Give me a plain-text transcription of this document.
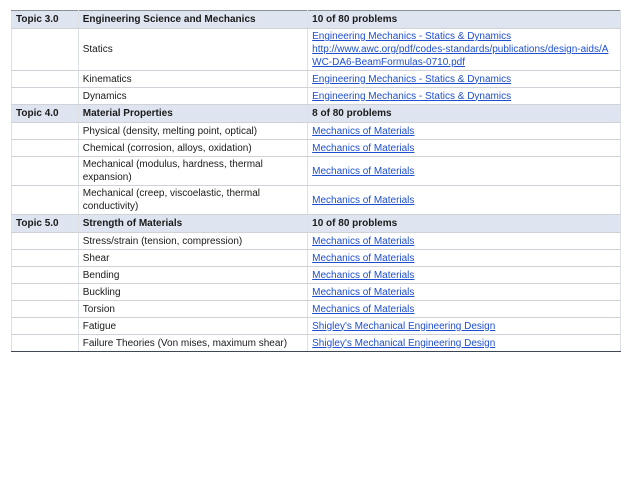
Topic 3.0	Engineering Science and Mechanics	10 of 80 problems
	Statics	Engineering Mechanics - Statics & Dynamics
http://www.awc.org/pdf/codes-standards/publications/design-aids/AWC-DA6-BeamFormulas-0710.pdf

	Kinematics	Engineering Mechanics - Statics & Dynamics
	Dynamics	Engineering Mechanics - Statics & Dynamics
Topic 4.0	Material Properties	8 of 80 problems
	Physical (density, melting point, optical)	Mechanics of Materials
	Chemical (corrosion, alloys, oxidation)	Mechanics of Materials
	Mechanical (modulus, hardness, thermal expansion)	Mechanics of Materials
	Mechanical (creep, viscoelastic, thermal conductivity)	Mechanics of Materials
Topic 5.0	Strength of Materials	10 of 80 problems
	Stress/strain (tension, compression)	Mechanics of Materials
	Shear	Mechanics of Materials
	Bending	Mechanics of Materials
	Buckling	Mechanics of Materials
	Torsion	Mechanics of Materials
	Fatigue	Shigley's Mechanical Engineering Design
	Failure Theories (Von mises, maximum shear)	Shigley's Mechanical Engineering Design
